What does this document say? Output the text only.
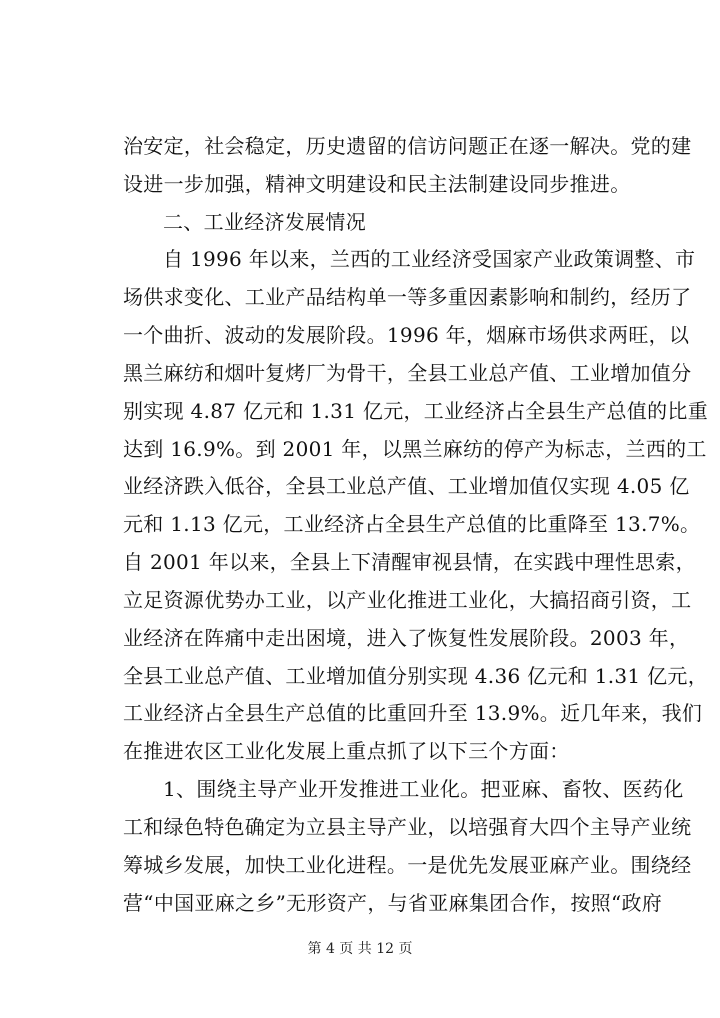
治安定，社会稳定，历史遗留的信访问题正在逐一解决。党的建
设进一步加强，精神文明建设和民主法制建设同步推进。
二、工业经济发展情况
自 1996 年以来，兰西的工业经济受国家产业政策调整、市
场供求变化、工业产品结构单一等多重因素影响和制约，经历了
一个曲折、波动的发展阶段。1996 年，烟麻市场供求两旺，以
黑兰麻纺和烟叶复烤厂为骨干，全县工业总产值、工业增加值分
别实现 4.87 亿元和 1.31 亿元，工业经济占全县生产总值的比重
达到 16.9%。到 2001 年，以黑兰麻纺的停产为标志，兰西的工
业经济跌入低谷，全县工业总产值、工业增加值仅实现 4.05 亿
元和 1.13 亿元，工业经济占全县生产总值的比重降至 13.7%。
自 2001 年以来，全县上下清醒审视县情，在实践中理性思索，
立足资源优势办工业，以产业化推进工业化，大搞招商引资，工
业经济在阵痛中走出困境，进入了恢复性发展阶段。2003 年，
全县工业总产值、工业增加值分别实现 4.36 亿元和 1.31 亿元，
工业经济占全县生产总值的比重回升至 13.9%。近几年来，我们
在推进农区工业化发展上重点抓了以下三个方面：
1、围绕主导产业开发推进工业化。把亚麻、畜牧、医药化
工和绿色特色确定为立县主导产业，以培强育大四个主导产业统
筹城乡发展，加快工业化进程。一是优先发展亚麻产业。围绕经
营“中国亚麻之乡”无形资产，与省亚麻集团合作，按照“政府
第 4 页 共 12 页
